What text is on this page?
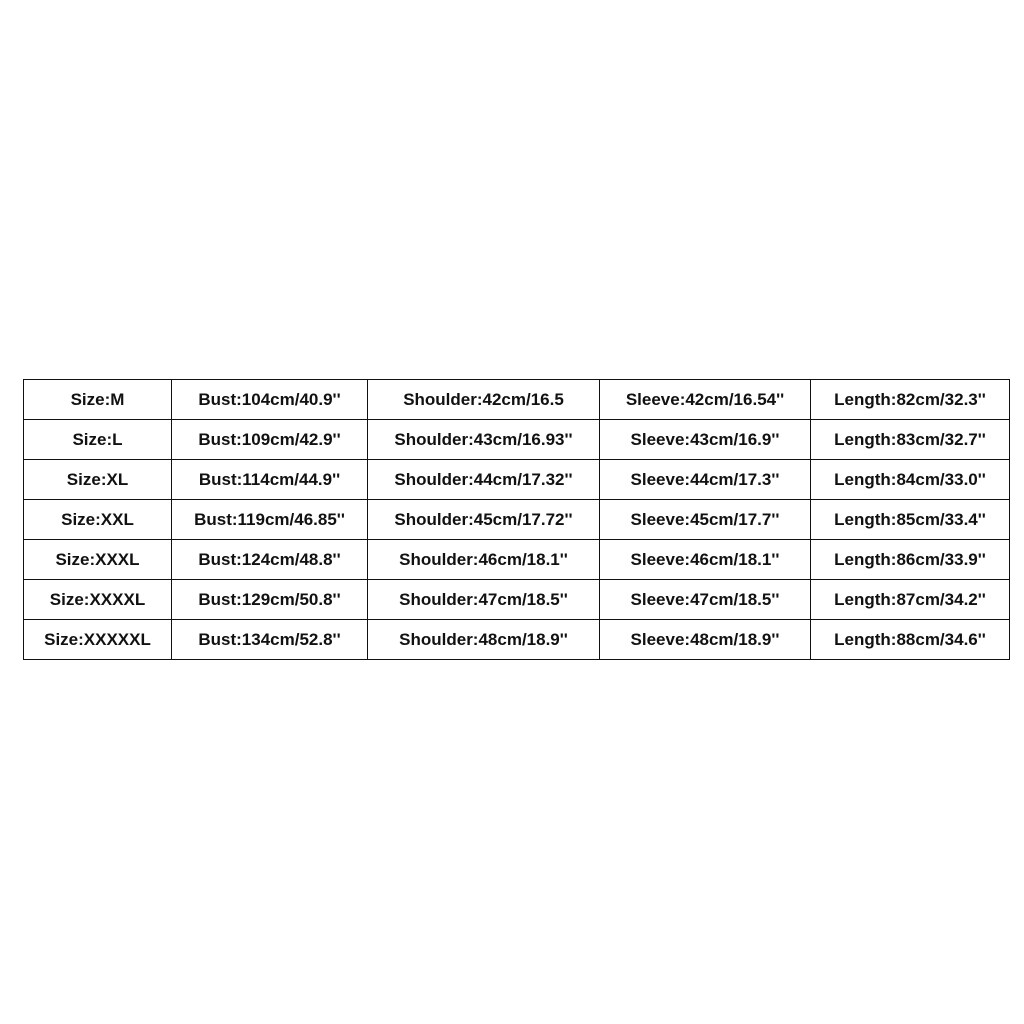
Size:M	Bust:104cm/40.9''	Shoulder:42cm/16.5	Sleeve:42cm/16.54''	Length:82cm/32.3''
Size:L	Bust:109cm/42.9''	Shoulder:43cm/16.93''	Sleeve:43cm/16.9''	Length:83cm/32.7''
Size:XL	Bust:114cm/44.9''	Shoulder:44cm/17.32''	Sleeve:44cm/17.3''	Length:84cm/33.0''
Size:XXL	Bust:119cm/46.85''	Shoulder:45cm/17.72''	Sleeve:45cm/17.7''	Length:85cm/33.4''
Size:XXXL	Bust:124cm/48.8''	Shoulder:46cm/18.1''	Sleeve:46cm/18.1''	Length:86cm/33.9''
Size:XXXXL	Bust:129cm/50.8''	Shoulder:47cm/18.5''	Sleeve:47cm/18.5''	Length:87cm/34.2''
Size:XXXXXL	Bust:134cm/52.8''	Shoulder:48cm/18.9''	Sleeve:48cm/18.9''	Length:88cm/34.6''
